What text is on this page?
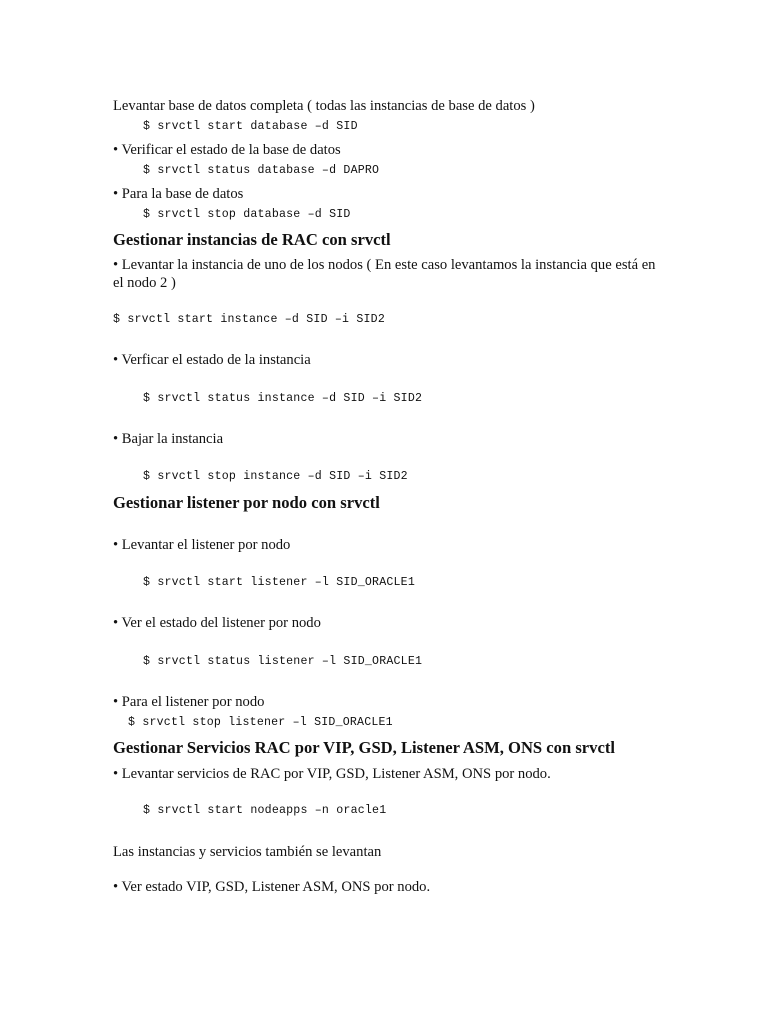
Levantar base de datos completa ( todas las instancias de base de datos )
$ srvctl start database –d SID
• Verificar el estado de la base de datos
$ srvctl status database –d DAPRO
• Para la base de datos
$ srvctl stop database –d SID
Gestionar instancias de RAC con srvctl
• Levantar la instancia de uno de los nodos ( En este caso levantamos la instancia que está en el nodo 2 )
$ srvctl start instance –d SID –i SID2
• Verficar el estado de la instancia
$ srvctl status instance –d SID –i SID2
• Bajar la instancia
$ srvctl stop instance –d SID –i SID2
Gestionar listener por nodo con srvctl
• Levantar el listener por nodo
$ srvctl start listener –l SID_ORACLE1
• Ver el estado del listener por nodo
$ srvctl status listener –l SID_ORACLE1
• Para el listener por nodo
$ srvctl stop listener –l SID_ORACLE1
Gestionar Servicios RAC por VIP, GSD, Listener ASM, ONS con srvctl
• Levantar servicios de RAC por VIP, GSD, Listener ASM, ONS por nodo.
$ srvctl start nodeapps –n oracle1
Las instancias y servicios también se levantan
• Ver estado VIP, GSD, Listener ASM, ONS por nodo.
